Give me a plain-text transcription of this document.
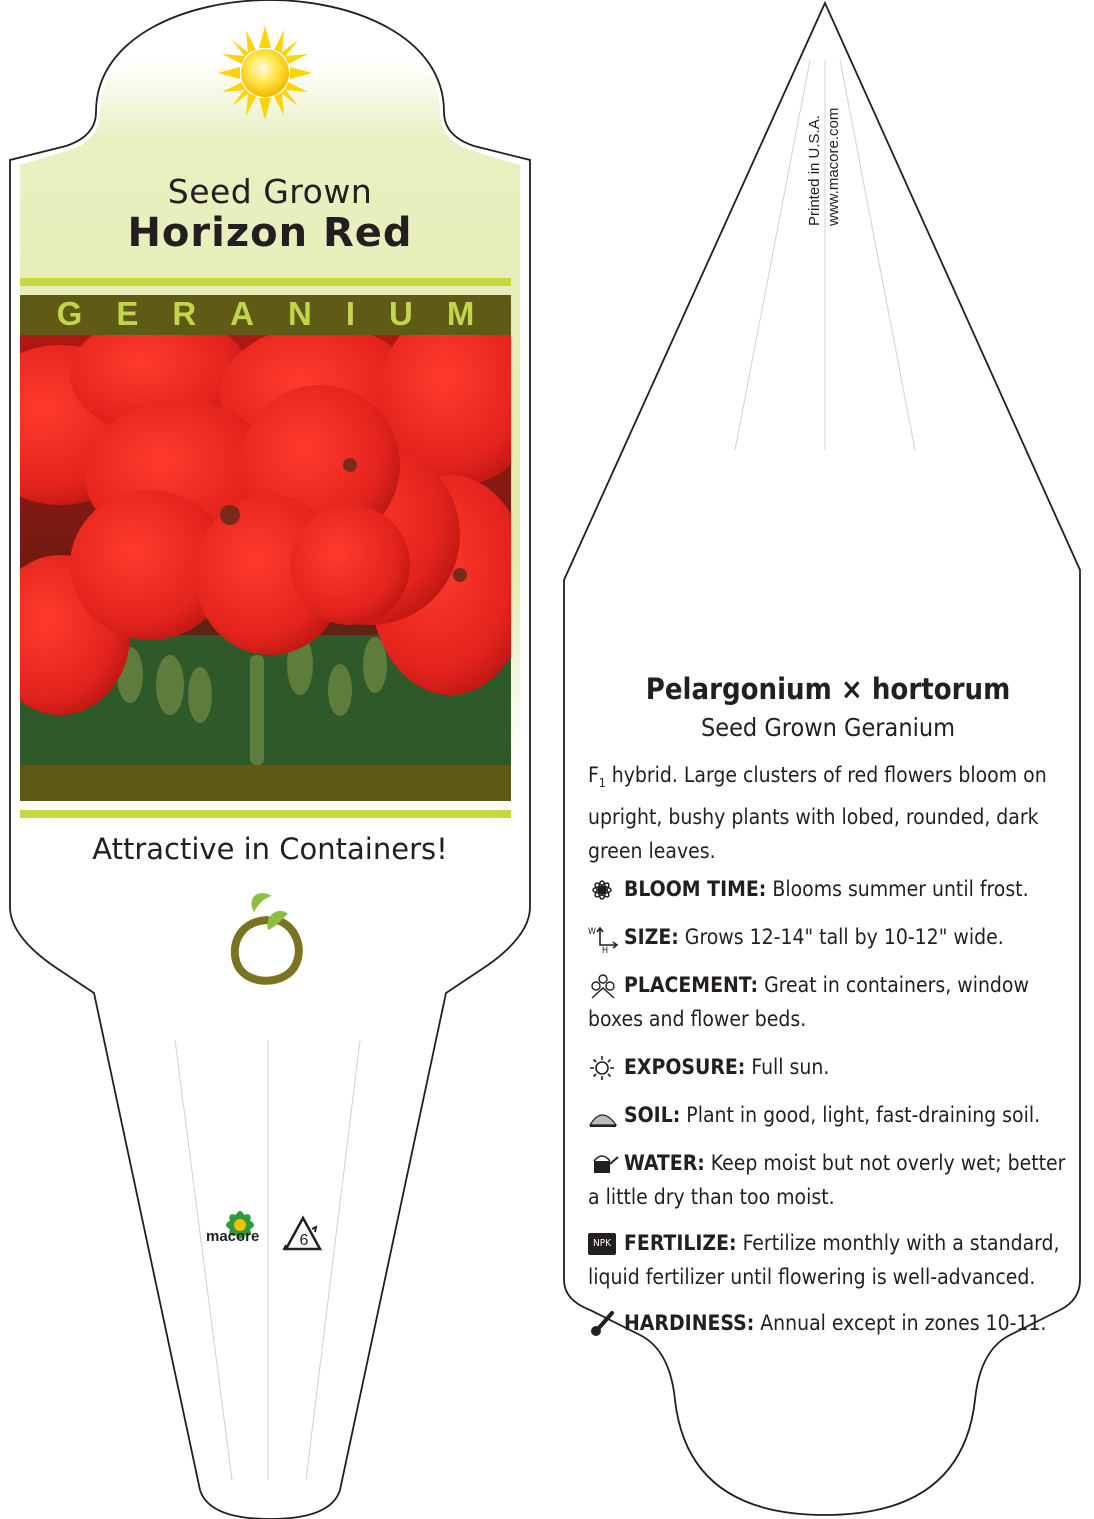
Seed Grown
Horizon Red
GERANIUM
Attractive in Containers!
macore	6
Printed in U.S.A. www.macore.com
Pelargonium × hortorum
Seed Grown Geranium
$F_1$ hybrid. Large clusters of red flowers bloom on upright, bushy plants with lobed, rounded, dark green leaves.
BLOOM TIME: Blooms summer until frost.
W
H
SIZE: Grows 12-14" tall by 10-12" wide.
PLACEMENT: Great in containers, window boxes and flower beds.
EXPOSURE: Full sun.
SOIL: Plant in good, light, fast-draining soil.
WATER: Keep moist but not overly wet; better a little dry than too moist.
NPK FERTILIZE: Fertilize monthly with a standard, liquid fertilizer until flowering is well-advanced.
HARDINESS: Annual except in zones 10-11.
